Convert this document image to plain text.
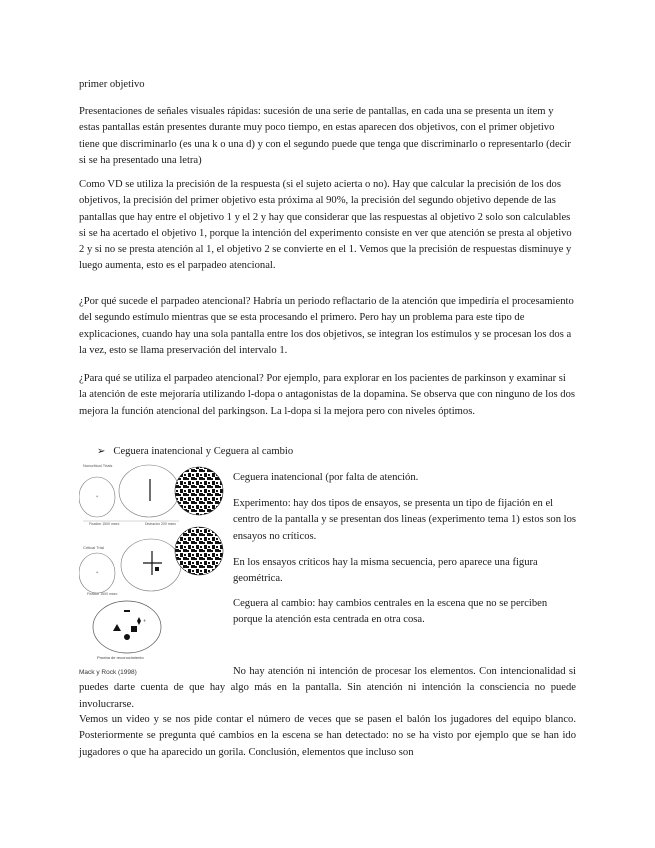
primer objetivo

Presentaciones de señales visuales rápidas: sucesión de una serie de pantallas, en cada una se presenta un ítem y estas pantallas están presentes durante muy poco tiempo, en estas aparecen dos objetivos, con el primer objetivo tiene que discriminarlo (es una k o una d) y con el segundo puede que tenga que discriminarlo o representarlo (decir si se ha presentado una letra)

Como VD se utiliza la precisión de la respuesta (si el sujeto acierta o no). Hay que calcular la precisión de los dos objetivos, la precisión del primer objetivo esta próxima al 90%, la precisión del segundo objetivo depende de las pantallas que hay entre el objetivo 1 y el 2 y hay que considerar que las respuestas al objetivo 2 solo son calculables si se ha acertado el objetivo 1, porque la intención del experimento consiste en ver que atención se presta al objetivo 2 y si no se presta atención al 1, el objetivo 2 se convierte en el 1. Vemos que la precisión de respuestas disminuye y luego aumenta, esto es el parpadeo atencional.

¿Por qué sucede el parpadeo atencional? Habría un periodo reflactario de la atención que impediría el procesamiento del segundo estímulo mientras que se esta procesando el primero. Pero hay un problema para este tipo de explicaciones, cuando hay una sola pantalla entre los dos objetivos, se integran los estímulos y se procesan los dos a la vez, esto se llama preservación del intervalo 1.

¿Para qué se utiliza el parpadeo atencional? Por ejemplo, para explorar en los pacientes de parkinson y examinar si la atención de este mejoraría utilizando l-dopa o antagonistas de la dopamina. Se observa que con ninguno de los dos mejora la función atencional del parkingson. La l-dopa si la mejora pero con niveles óptimos.

➢ Ceguera inatencional y Ceguera al cambio
Noncritical Trials
+
Fixation 1500 msec	Distractor 200 msec
Critical Trial
+
Fixation 1500 msec
+
Prueba de reconocimiento
Mack y Rock (1998)

Ceguera inatencional (por falta de atención.

Experimento: hay dos tipos de ensayos, se presenta un tipo de fijación en el centro de la pantalla y se presentan dos lineas (experimento tema 1) estos son los ensayos no críticos.

En los ensayos críticos hay la misma secuencia, pero aparece una figura geométrica.

Ceguera al cambio: hay cambios centrales en la escena que no se perciben porque la atención esta centrada en otra cosa.

No hay atención ni intención de procesar los elementos. Con intencionalidad si puedes darte cuenta de que hay algo más en la pantalla. Sin atención ni intención la consciencia no puede involucrarse.

Vemos un video y se nos pide contar el número de veces que se pasen el balón los jugadores del equipo blanco. Posteriormente se pregunta qué cambios en la escena se han detectado: no se ha visto por ejemplo que se han ido jugadores o que ha aparecido un gorila. Conclusión, elementos que incluso son
